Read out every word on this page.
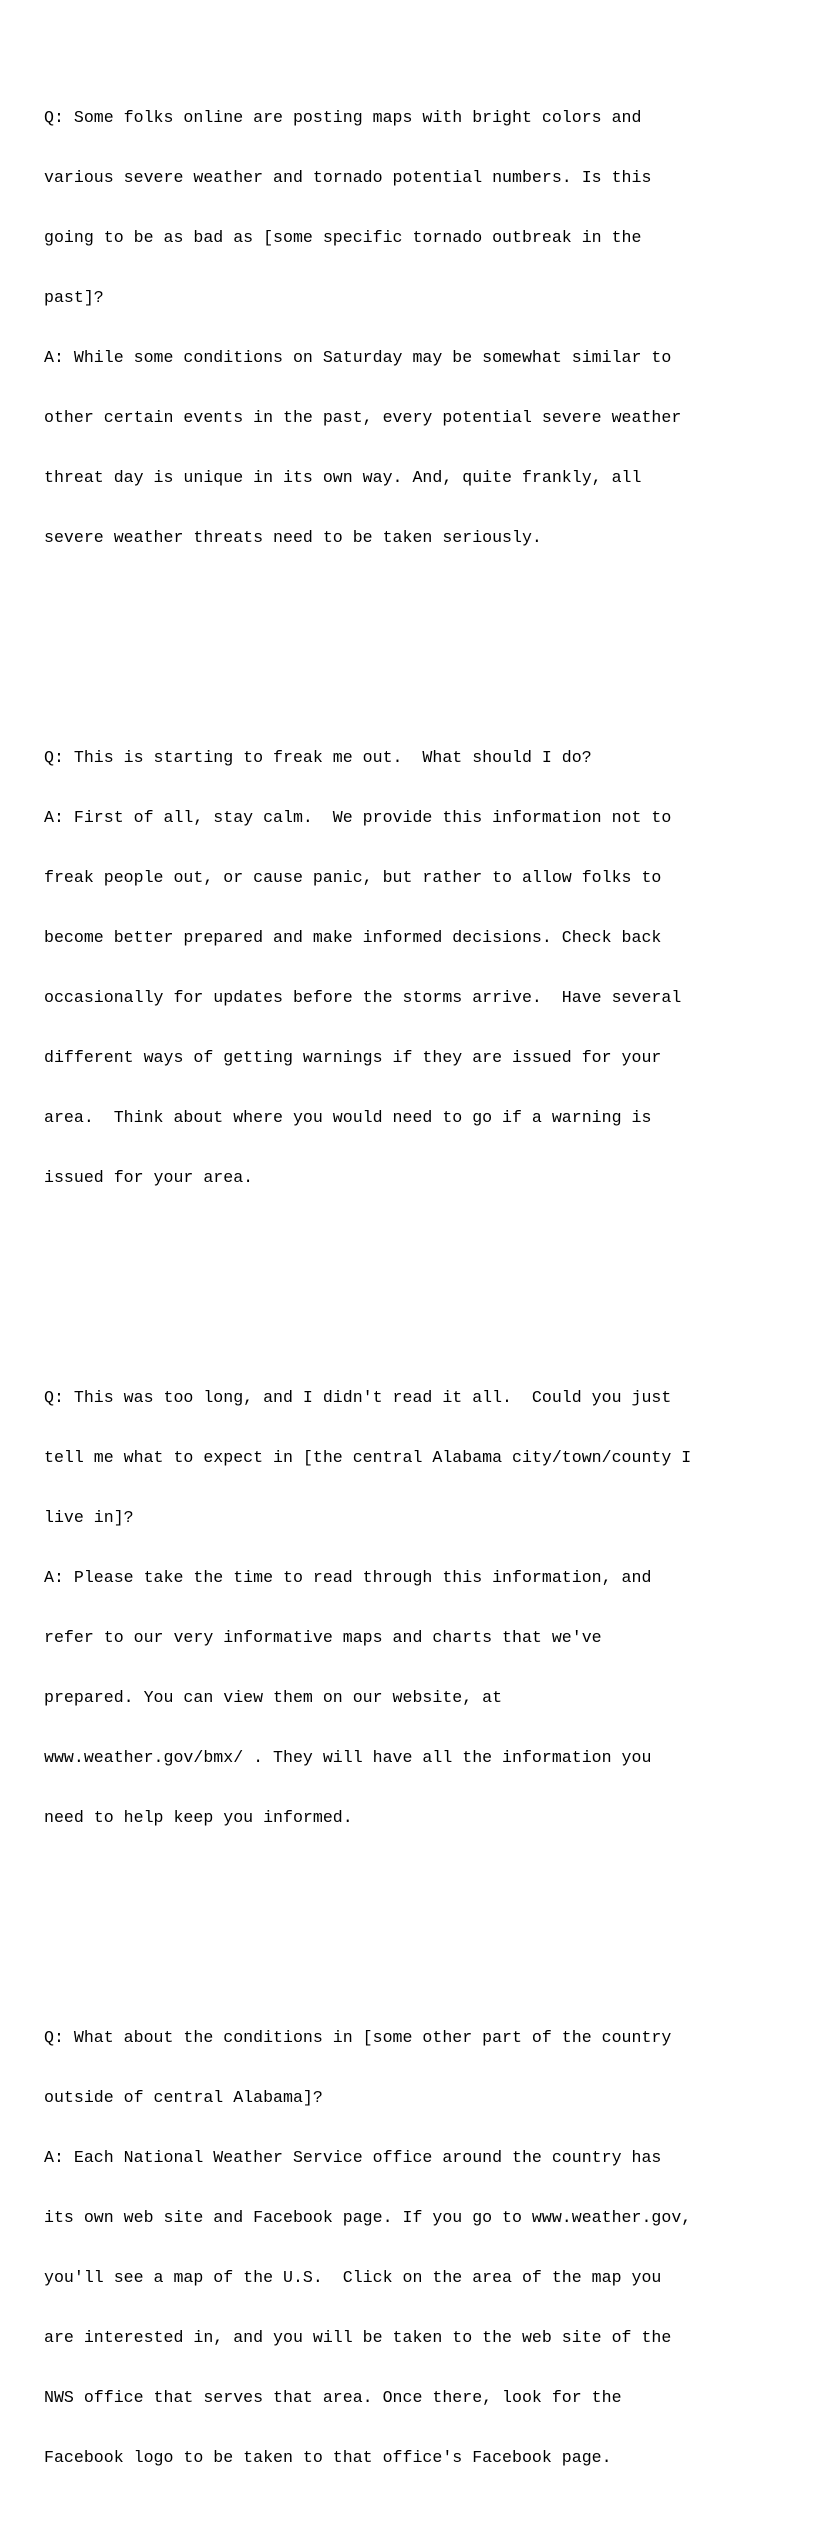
Q: Some folks online are posting maps with bright colors and

various severe weather and tornado potential numbers. Is this

going to be as bad as [some specific tornado outbreak in the

past]?

A: While some conditions on Saturday may be somewhat similar to

other certain events in the past, every potential severe weather

threat day is unique in its own way. And, quite frankly, all

severe weather threats need to be taken seriously.

Q: This is starting to freak me out.  What should I do?

A: First of all, stay calm.  We provide this information not to

freak people out, or cause panic, but rather to allow folks to

become better prepared and make informed decisions. Check back

occasionally for updates before the storms arrive.  Have several

different ways of getting warnings if they are issued for your

area.  Think about where you would need to go if a warning is

issued for your area.

Q: This was too long, and I didn't read it all.  Could you just

tell me what to expect in [the central Alabama city/town/county I

live in]?

A: Please take the time to read through this information, and

refer to our very informative maps and charts that we've

prepared. You can view them on our website, at

www.weather.gov/bmx/ . They will have all the information you

need to help keep you informed.

Q: What about the conditions in [some other part of the country

outside of central Alabama]?

A: Each National Weather Service office around the country has

its own web site and Facebook page. If you go to www.weather.gov,

you'll see a map of the U.S.  Click on the area of the map you

are interested in, and you will be taken to the web site of the

NWS office that serves that area. Once there, look for the

Facebook logo to be taken to that office's Facebook page.
